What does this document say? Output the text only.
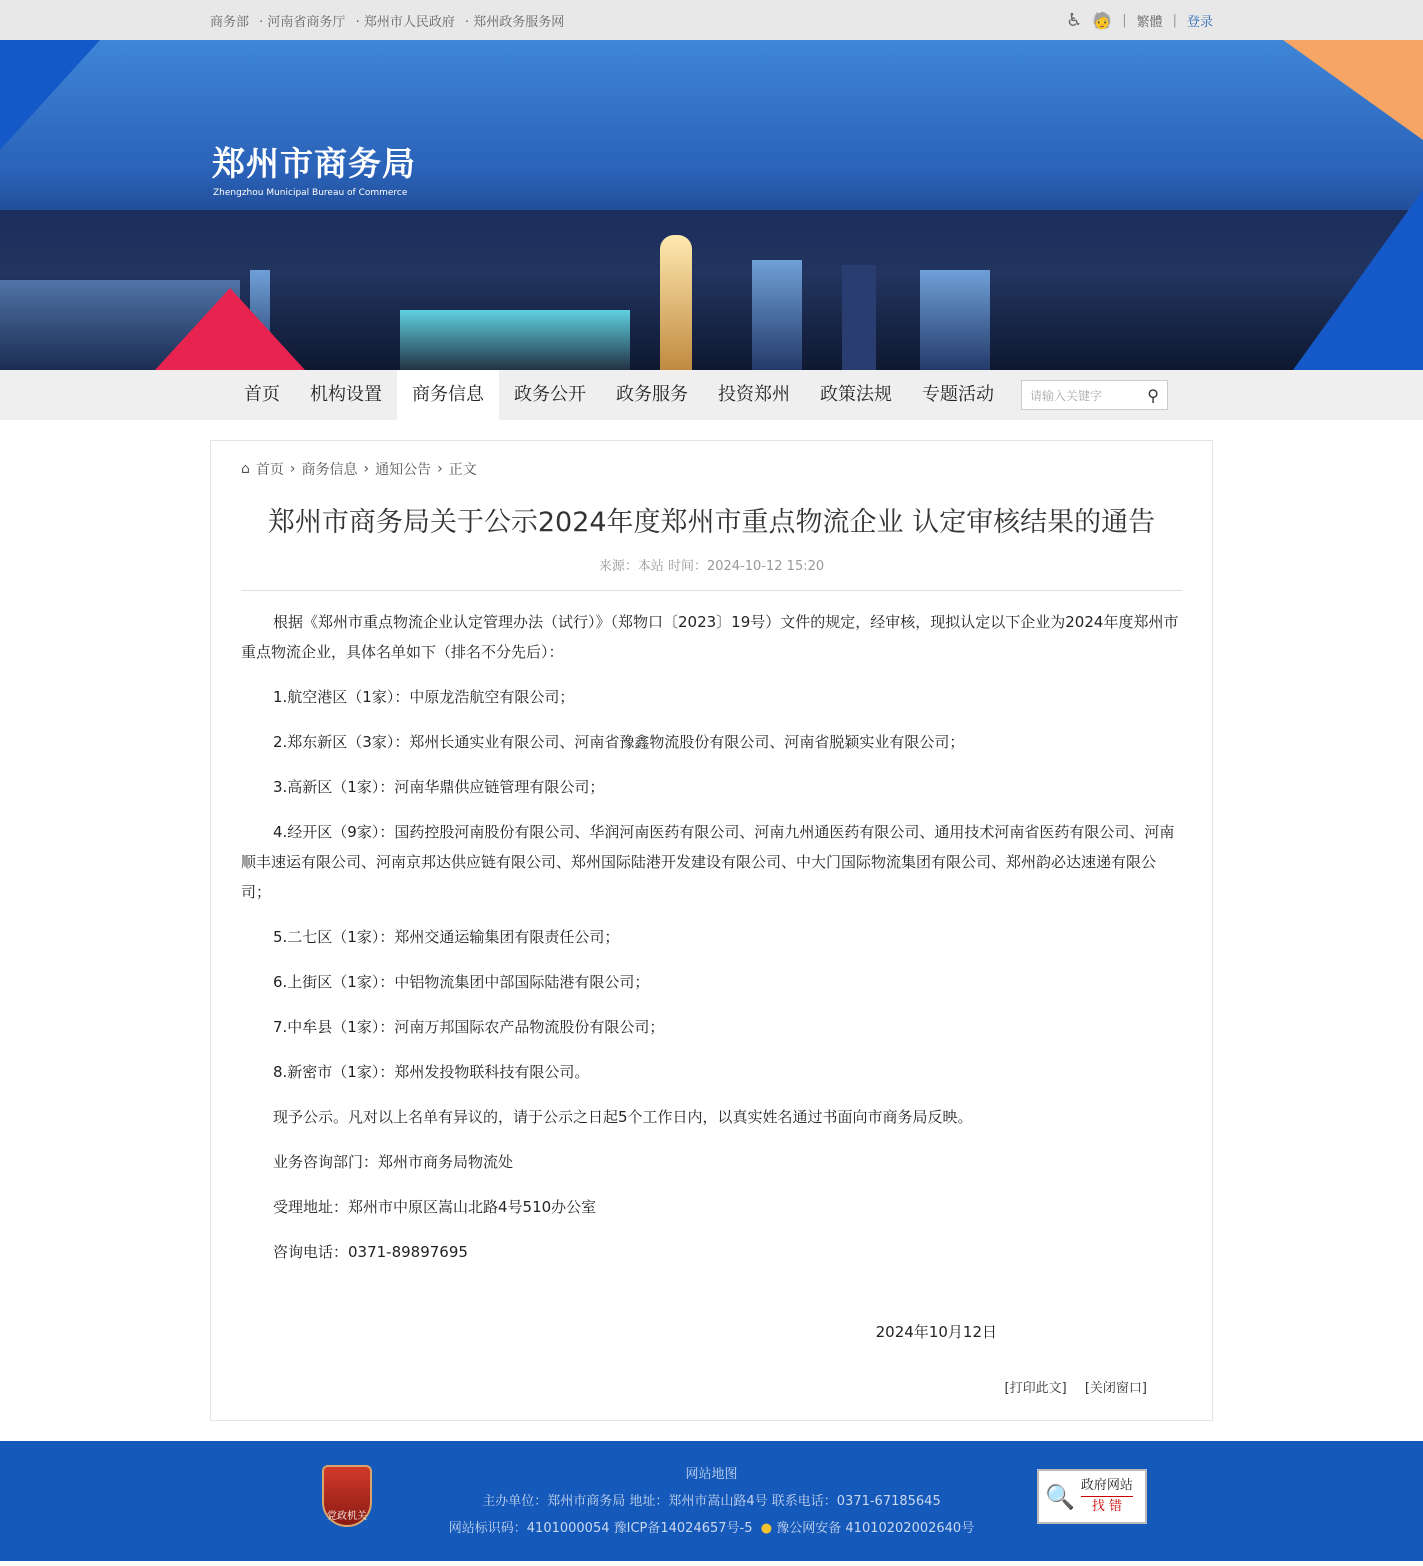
商务部 · 河南省商务厅 · 郑州市人民政府 · 郑州政务服务网	♿ 🧓 | 繁體 | 登录
郑州市商务局
Zhengzhou Municipal Bureau of Commerce
首页	机构设置	商务信息	政务公开	政务服务	投资郑州	政策法规	专题活动	请输入关键字	⚲
⌂ 首页 › 商务信息 › 通知公告 › 正文
郑州市商务局关于公示2024年度郑州市重点物流企业 认定审核结果的通告
来源：本站 时间：2024-10-12 15:20

根据《郑州市重点物流企业认定管理办法（试行）》（郑物口〔2023〕19号）文件的规定，经审核，现拟认定以下企业为2024年度郑州市重点物流企业，具体名单如下（排名不分先后）：

1.航空港区（1家）：中原龙浩航空有限公司；

2.郑东新区（3家）：郑州长通实业有限公司、河南省豫鑫物流股份有限公司、河南省脱颖实业有限公司；

3.高新区（1家）：河南华鼎供应链管理有限公司；

4.经开区（9家）：国药控股河南股份有限公司、华润河南医药有限公司、河南九州通医药有限公司、通用技术河南省医药有限公司、河南顺丰速运有限公司、河南京邦达供应链有限公司、郑州国际陆港开发建设有限公司、中大门国际物流集团有限公司、郑州韵必达速递有限公司；

5.二七区（1家）：郑州交通运输集团有限责任公司；

6.上街区（1家）：中铝物流集团中部国际陆港有限公司；

7.中牟县（1家）：河南万邦国际农产品物流股份有限公司；

8.新密市（1家）：郑州发投物联科技有限公司。

现予公示。凡对以上名单有异议的，请于公示之日起5个工作日内，以真实姓名通过书面向市商务局反映。

业务咨询部门：郑州市商务局物流处

受理地址：郑州市中原区嵩山北路4号510办公室

咨询电话：0371-89897695

2024年10月12日
[打印此文] [关闭窗口]
党政机关
网站地图
主办单位：郑州市商务局 地址：郑州市嵩山路4号 联系电话：0371-67185645
网站标识码：4101000054 豫ICP备14024657号-5 ● 豫公网安备 41010202002640号
🔍 政府网站
找 错
